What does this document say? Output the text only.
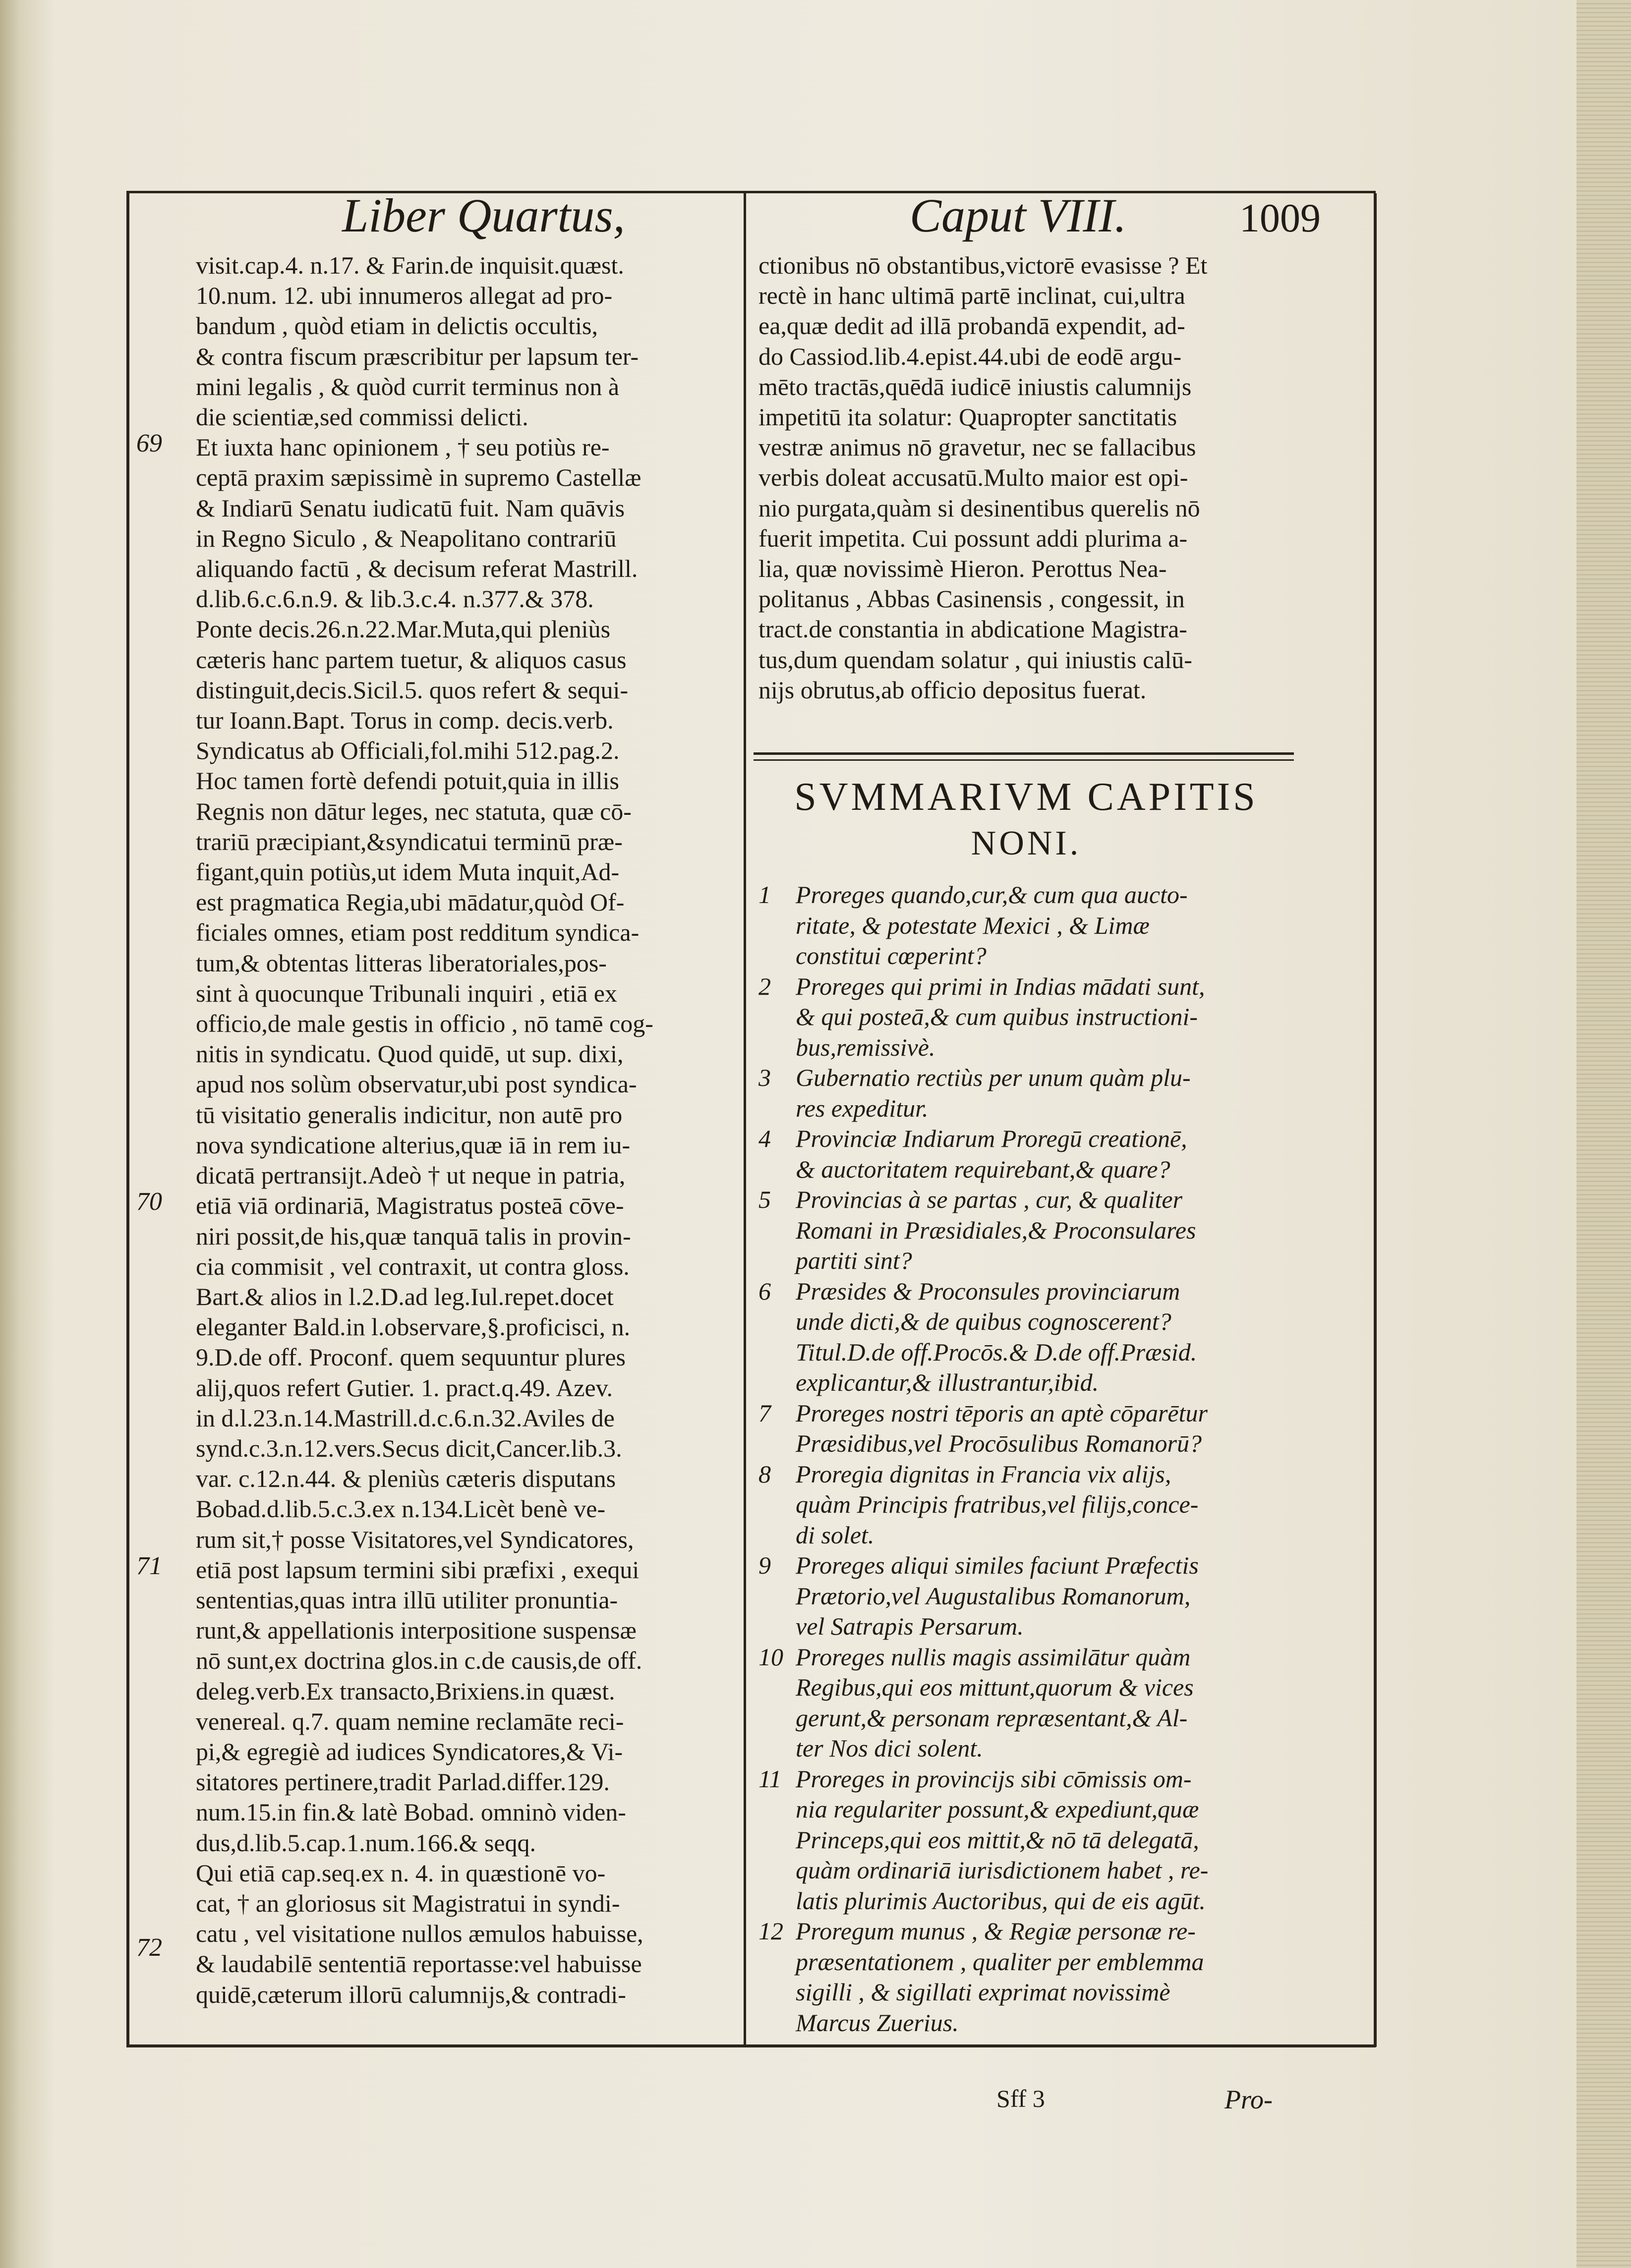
Liber Quartus,	Caput VIII.	1009
visit.cap.4. n.17. & Farin.de inquisit.quæst.
10.num. 12. ubi innumeros allegat ad pro-
bandum , quòd etiam in delictis occultis,
& contra fiscum præscribitur per lapsum ter-
mini legalis , & quòd currit terminus non à
die scientiæ,sed commissi delicti.
Et iuxta hanc opinionem , † seu potiùs re-
ceptā praxim sæpissimè in supremo Castellæ
& Indiarū Senatu iudicatū fuit. Nam quāvis
in Regno Siculo , & Neapolitano contrariū
aliquando factū , & decisum referat Mastrill.
d.lib.6.c.6.n.9. & lib.3.c.4. n.377.& 378.
Ponte decis.26.n.22.Mar.Muta,qui pleniùs
cæteris hanc partem tuetur, & aliquos casus
distinguit,decis.Sicil.5. quos refert & sequi-
tur Ioann.Bapt. Torus in comp. decis.verb.
Syndicatus ab Officiali,fol.mihi 512.pag.2.
Hoc tamen fortè defendi potuit,quia in illis
Regnis non dātur leges, nec statuta, quæ cō-
trariū præcipiant,&syndicatui terminū præ-
figant,quin potiùs,ut idem Muta inquit,Ad-
est pragmatica Regia,ubi mādatur,quòd Of-
ficiales omnes, etiam post redditum syndica-
tum,& obtentas litteras liberatoriales,pos-
sint à quocunque Tribunali inquiri , etiā ex
officio,de male gestis in officio , nō tamē cog-
nitis in syndicatu. Quod quidē, ut sup. dixi,
apud nos solùm observatur,ubi post syndica-
tū visitatio generalis indicitur, non autē pro
nova syndicatione alterius,quæ iā in rem iu-
dicatā pertransijt.Adeò † ut neque in patria,
etiā viā ordinariā, Magistratus posteā cōve-
niri possit,de his,quæ tanquā talis in provin-
cia commisit , vel contraxit, ut contra gloss.
Bart.& alios in l.2.D.ad leg.Iul.repet.docet
eleganter Bald.in l.observare,§.proficisci, n.
9.D.de off. Proconf. quem sequuntur plures
alij,quos refert Gutier. 1. pract.q.49. Azev.
in d.l.23.n.14.Mastrill.d.c.6.n.32.Aviles de
synd.c.3.n.12.vers.Secus dicit,Cancer.lib.3.
var. c.12.n.44. & pleniùs cæteris disputans
Bobad.d.lib.5.c.3.ex n.134.Licèt benè ve-
rum sit,† posse Visitatores,vel Syndicatores,
etiā post lapsum termini sibi præfixi , exequi
sententias,quas intra illū utiliter pronuntia-
runt,& appellationis interpositione suspensæ
nō sunt,ex doctrina glos.in c.de causis,de off.
deleg.verb.Ex transacto,Brixiens.in quæst.
venereal. q.7. quam nemine reclamāte reci-
pi,& egregiè ad iudices Syndicatores,& Vi-
sitatores pertinere,tradit Parlad.differ.129.
num.15.in fin.& latè Bobad. omninò viden-
dus,d.lib.5.cap.1.num.166.& seqq.
Qui etiā cap.seq.ex n. 4. in quæstionē vo-
cat, † an gloriosus sit Magistratui in syndi-
catu , vel visitatione nullos æmulos habuisse,
& laudabilē sententiā reportasse:vel habuisse
quidē,cæterum illorū calumnijs,& contradi-
69
70
71
72
ctionibus nō obstantibus,victorē evasisse ? Et
rectè in hanc ultimā partē inclinat, cui,ultra
ea,quæ dedit ad illā probandā expendit, ad-
do Cassiod.lib.4.epist.44.ubi de eodē argu-
mēto tractās,quēdā iudicē iniustis calumnijs
impetitū ita solatur: Quapropter sanctitatis
vestræ animus nō gravetur, nec se fallacibus
verbis doleat accusatū.Multo maior est opi-
nio purgata,quàm si desinentibus querelis nō
fuerit impetita. Cui possunt addi plurima a-
lia, quæ novissimè Hieron. Perottus Nea-
politanus , Abbas Casinensis , congessit, in
tract.de constantia in abdicatione Magistra-
tus,dum quendam solatur , qui iniustis calū-
nijs obrutus,ab officio depositus fuerat.
SVMMARIVM CAPITIS
NONI.
1	Proreges quando,cur,& cum qua aucto-
ritate, & potestate Mexici , & Limæ
constitui cœperint?
2	Proreges qui primi in Indias mādati sunt,
& qui posteā,& cum quibus instructioni-
bus,remissivè.
3	Gubernatio rectiùs per unum quàm plu-
res expeditur.
4	Provinciæ Indiarum Proregū creationē,
& auctoritatem requirebant,& quare?
5	Provincias à se partas , cur, & qualiter
Romani in Præsidiales,& Proconsulares
partiti sint?
6	Præsides & Proconsules provinciarum
unde dicti,& de quibus cognoscerent?
Titul.D.de off.Procōs.& D.de off.Præsid.
explicantur,& illustrantur,ibid.
7	Proreges nostri tēporis an aptè cōparētur
Præsidibus,vel Procōsulibus Romanorū?
8	Proregia dignitas in Francia vix alijs,
quàm Principis fratribus,vel filijs,conce-
di solet.
9	Proreges aliqui similes faciunt Præfectis
Prætorio,vel Augustalibus Romanorum,
vel Satrapis Persarum.
10 Proreges nullis magis assimilātur quàm
Regibus,qui eos mittunt,quorum & vices
gerunt,& personam repræsentant,& Al-
ter Nos dici solent.
11 Proreges in provincijs sibi cōmissis om-
nia regulariter possunt,& expediunt,quæ
Princeps,qui eos mittit,& nō tā delegatā,
quàm ordinariā iurisdictionem habet , re-
latis plurimis Auctoribus, qui de eis agūt.
12 Proregum munus , & Regiæ personæ re-
præsentationem , qualiter per emblemma
sigilli , & sigillati exprimat novissimè
Marcus Zuerius.
Sff 3	Pro-
